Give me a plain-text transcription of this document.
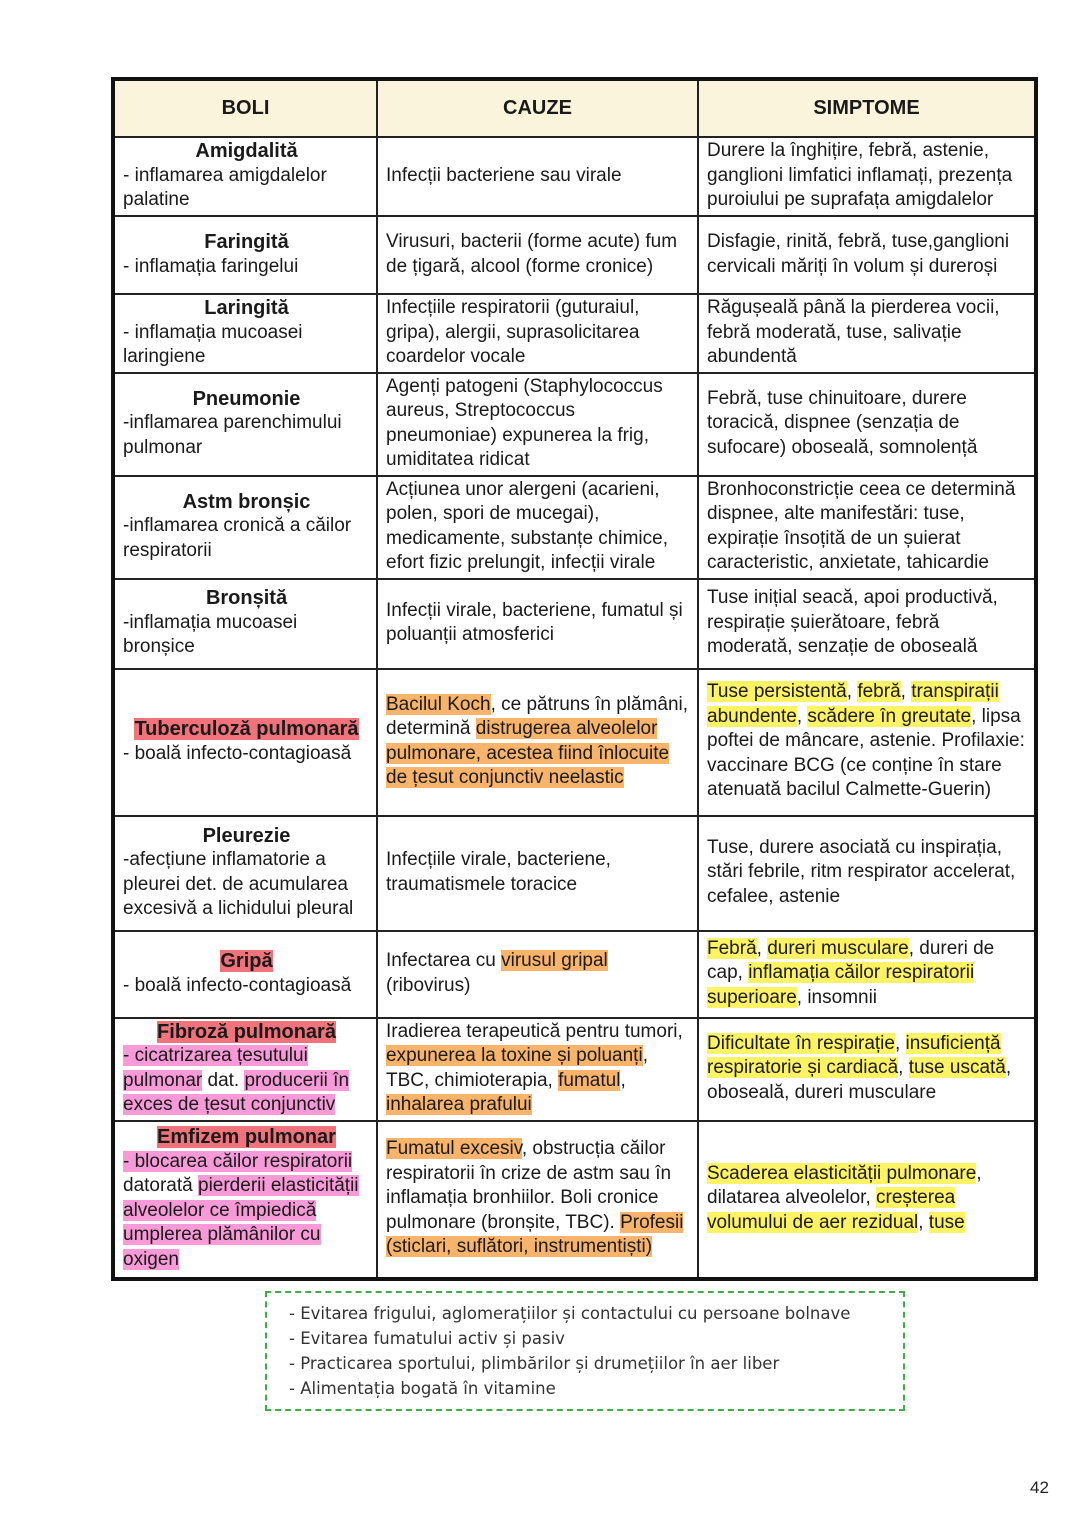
BOLI	CAUZE	SIMPTOME

Amigdalită
- inflamarea amigdalelor palatine	Infecții bacteriene sau virale	Durere la înghițire, febră, astenie, ganglioni limfatici inflamați, prezența puroiului pe suprafața amigdalelor

Faringită
- inflamația faringelui	Virusuri, bacterii (forme acute) fum de țigară, alcool (forme cronice)	Disfagie, rinită, febră, tuse,ganglioni cervicali măriți în volum și dureroși

Laringită
- inflamația mucoasei laringiene	Infecțiile respiratorii (guturaiul, gripa), alergii, suprasolicitarea coardelor vocale	Răgușeală până la pierderea vocii, febră moderată, tuse, salivație abundentă

Pneumonie
-inflamarea parenchimului pulmonar	Agenți patogeni (Staphylococcus aureus, Streptococcus pneumoniae) expunerea la frig, umiditatea ridicat	Febră, tuse chinuitoare, durere toracică, dispnee (senzația de sufocare) oboseală, somnolență

Astm bronșic
-inflamarea cronică a căilor respiratorii	Acțiunea unor alergeni (acarieni, polen, spori de mucegai), medicamente, substanțe chimice, efort fizic prelungit, infecții virale	Bronhoconstricție ceea ce determină dispnee, alte manifestări: tuse, expirație însoțită de un șuierat caracteristic, anxietate, tahicardie

Bronșită
-inflamația mucoasei bronșice	Infecții virale, bacteriene, fumatul și poluanții atmosferici	Tuse inițial seacă, apoi productivă, respirație șuierătoare, febră moderată, senzație de oboseală

Tuberculoză pulmonară
- boală infecto-contagioasă	Bacilul Koch, ce pătruns în plămâni, determină distrugerea alveolelor pulmonare, acestea fiind înlocuite de țesut conjunctiv neelastic	Tuse persistentă, febră, transpirații abundente, scădere în greutate, lipsa poftei de mâncare, astenie. Profilaxie: vaccinare BCG (ce conține în stare atenuată bacilul Calmette-Guerin)

Pleurezie
-afecțiune inflamatorie a pleurei det. de acumularea excesivă a lichidului pleural	Infecțiile virale, bacteriene, traumatismele toracice	Tuse, durere asociată cu inspirația, stări febrile, ritm respirator accelerat, cefalee, astenie

Gripă
- boală infecto-contagioasă	Infectarea cu virusul gripal (ribovirus)	Febră, dureri musculare, dureri de cap, inflamația căilor respiratorii superioare, insomnii

Fibroză pulmonară
- cicatrizarea țesutului pulmonar dat. producerii în exces de țesut conjunctiv	Iradierea terapeutică pentru tumori, expunerea la toxine și poluanți, TBC, chimioterapia, fumatul, inhalarea prafului	Dificultate în respirație, insuficiență respiratorie și cardiacă, tuse uscată, oboseală, dureri musculare

Emfizem pulmonar
- blocarea căilor respiratorii datorată pierderii elasticității alveolelor ce împiedică umplerea plămânilor cu oxigen	Fumatul excesiv, obstrucția căilor respiratorii în crize de astm sau în inflamația bronhiilor. Boli cronice pulmonare (bronșite, TBC). Profesii (sticlari, suflători, instrumentiști)	Scaderea elasticității pulmonare, dilatarea alveolelor, creșterea volumului de aer rezidual, tuse
- Evitarea frigului, aglomerațiilor și contactului cu persoane bolnave
- Evitarea fumatului activ și pasiv
- Practicarea sportului, plimbărilor și drumețiilor în aer liber
- Alimentația bogată în vitamine
42
